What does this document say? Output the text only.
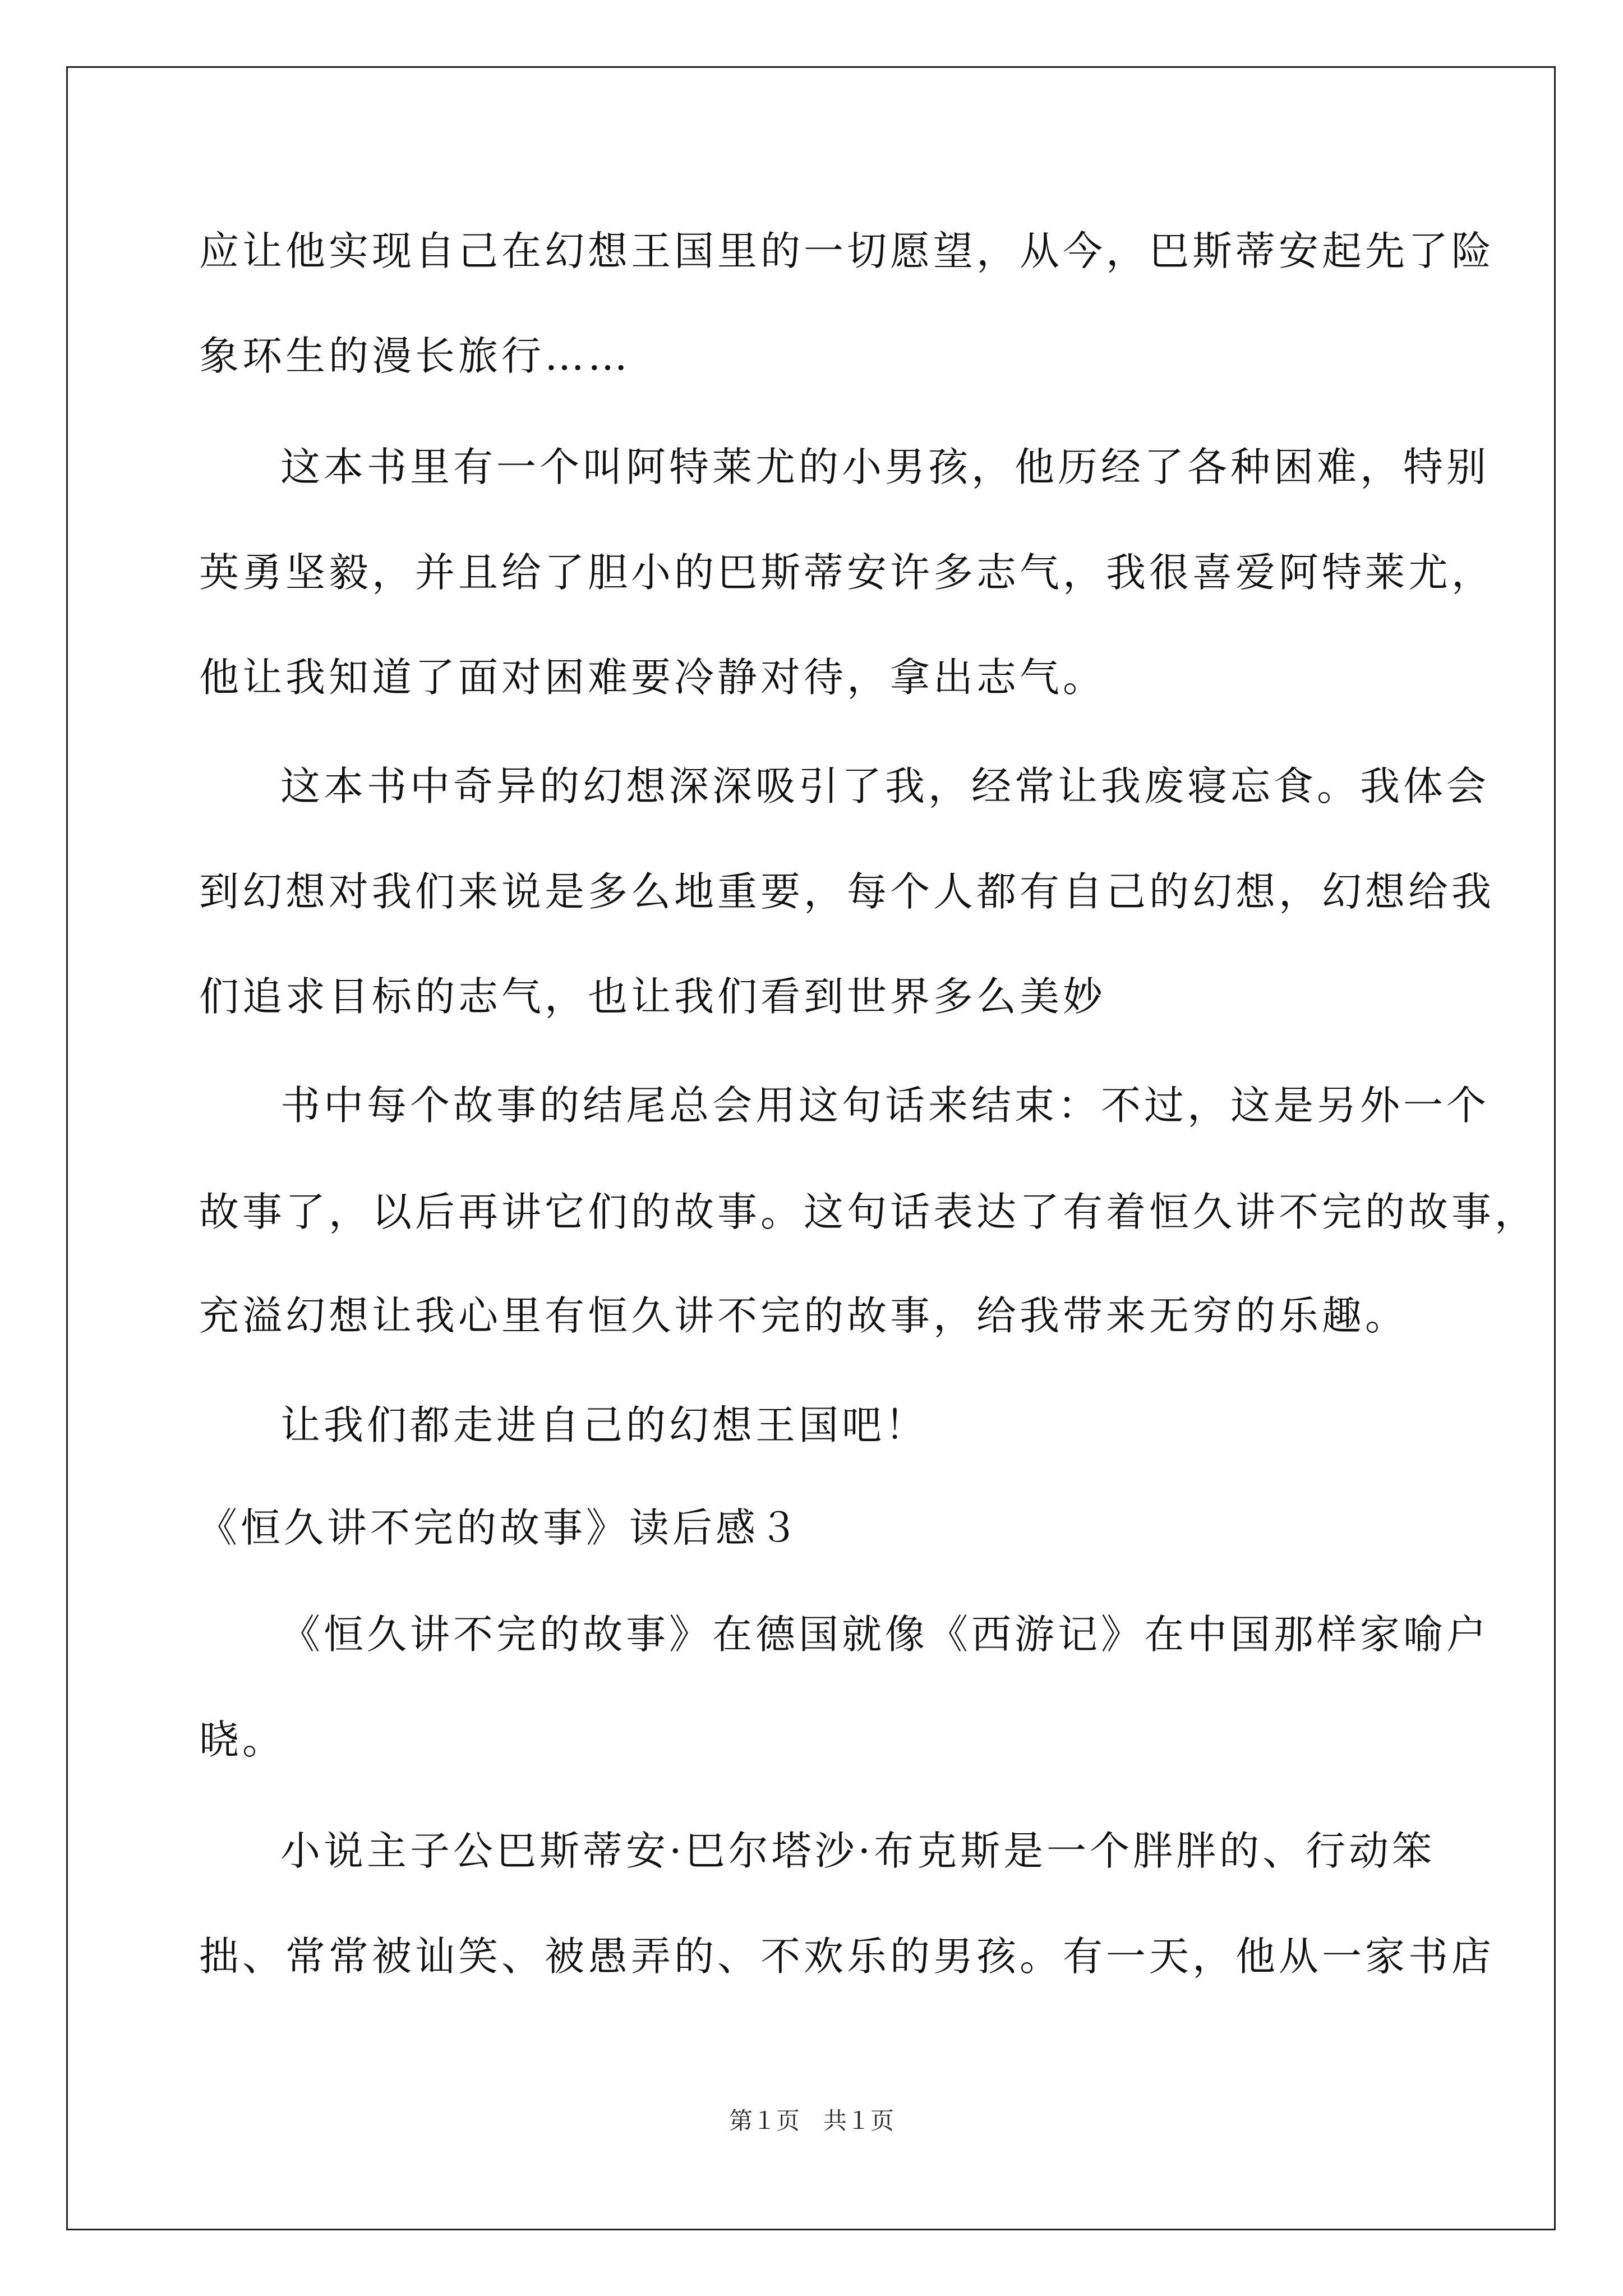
应让他实现自己在幻想王国里的一切愿望，从今，巴斯蒂安起先了险
象环生的漫长旅行……
这本书里有一个叫阿特莱尤的小男孩，他历经了各种困难，特别
英勇坚毅，并且给了胆小的巴斯蒂安许多志气，我很喜爱阿特莱尤，
他让我知道了面对困难要冷静对待，拿出志气。
这本书中奇异的幻想深深吸引了我，经常让我废寝忘食。我体会
到幻想对我们来说是多么地重要，每个人都有自己的幻想，幻想给我
们追求目标的志气，也让我们看到世界多么美妙
书中每个故事的结尾总会用这句话来结束：不过，这是另外一个
故事了，以后再讲它们的故事。这句话表达了有着恒久讲不完的故事，
充溢幻想让我心里有恒久讲不完的故事，给我带来无穷的乐趣。
让我们都走进自己的幻想王国吧！
《恒久讲不完的故事》读后感３
《恒久讲不完的故事》在德国就像《西游记》在中国那样家喻户
晓。
小说主子公巴斯蒂安·巴尔塔沙·布克斯是一个胖胖的、行动笨
拙、常常被讪笑、被愚弄的、不欢乐的男孩。有一天，他从一家书店
第１页　共１页
